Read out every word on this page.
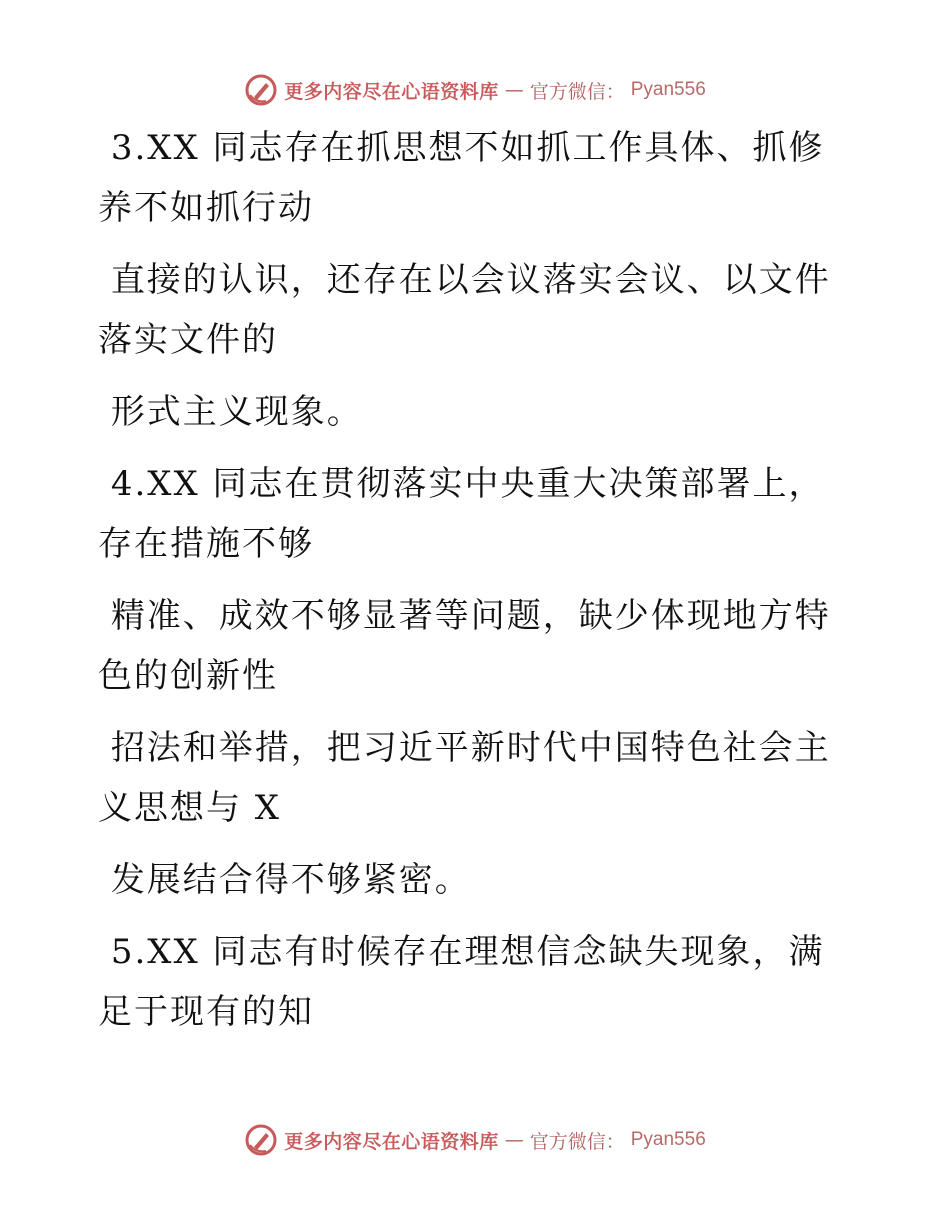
更多内容尽在心语资料库 — 官方微信： Pyan556

3.XX 同志存在抓思想不如抓工作具体、抓修养不如抓行动

直接的认识，还存在以会议落实会议、以文件落实文件的

形式主义现象。

4.XX 同志在贯彻落实中央重大决策部署上，存在措施不够

精准、成效不够显著等问题，缺少体现地方特色的创新性

招法和举措，把习近平新时代中国特色社会主义思想与 X

发展结合得不够紧密。

5.XX 同志有时候存在理想信念缺失现象，满足于现有的知

更多内容尽在心语资料库 — 官方微信： Pyan556
